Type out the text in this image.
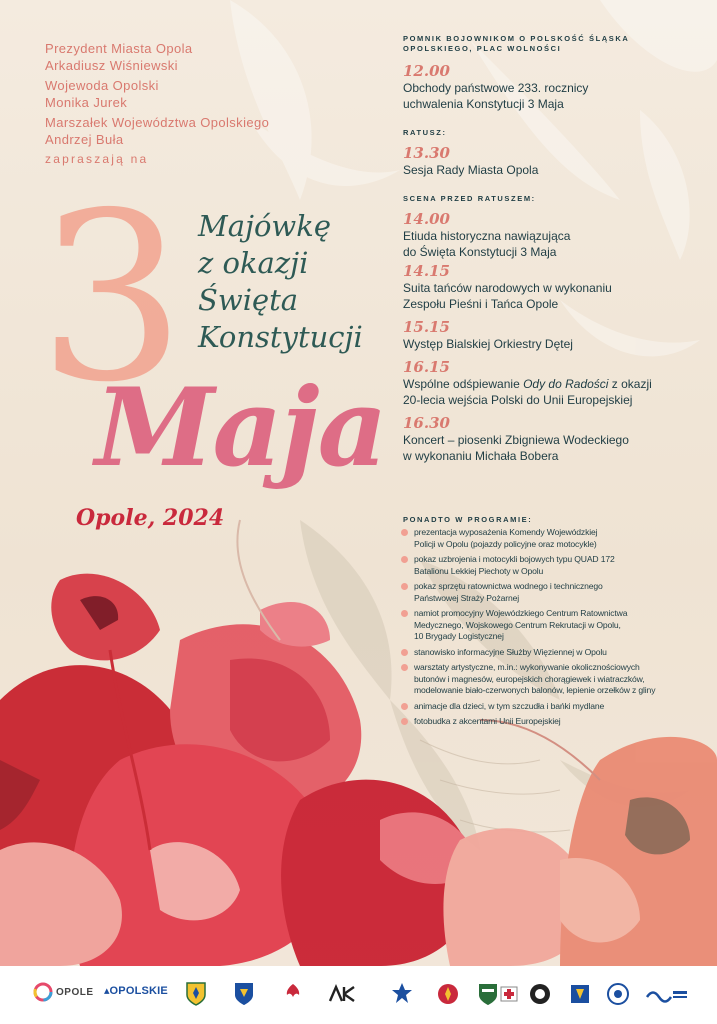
Prezydent Miasta Opola
Arkadiusz Wiśniewski
Wojewoda Opolski
Monika Jurek
Marszałek Województwa Opolskiego
Andrzej Buła
zapraszają na
3 Majówkę
z okazji
Święta
Konstytucji
Maja
Opole, 2024
POMNIK BOJOWNIKOM O POLSKOŚĆ ŚLĄSKA OPOLSKIEGO, PLAC WOLNOŚCI
12.00
Obchody państwowe 233. rocznicy
uchwalenia Konstytucji 3 Maja
RATUSZ:
13.30
Sesja Rady Miasta Opola
SCENA PRZED RATUSZEM:
14.00
Etiuda historyczna nawiązująca
do Święta Konstytucji 3 Maja
14.15
Suita tańców narodowych w wykonaniu
Zespołu Pieśni i Tańca Opole
15.15
Występ Bialskiej Orkiestry Dętej
16.15
Wspólne odśpiewanie Ody do Radości z okazji
20-lecia wejścia Polski do Unii Europejskiej
16.30
Koncert – piosenki Zbigniewa Wodeckiego
w wykonaniu Michała Bobera
PONADTO W PROGRAMIE:
prezentacja wyposażenia Komendy Wojewódzkiej
Policji w Opolu (pojazdy policyjne oraz motocykle)
pokaz uzbrojenia i motocykli bojowych typu QUAD 172
Batalionu Lekkiej Piechoty w Opolu
pokaz sprzętu ratownictwa wodnego i technicznego
Państwowej Straży Pożarnej
namiot promocyjny Wojewódzkiego Centrum Ratownictwa
Medycznego, Wojskowego Centrum Rekrutacji w Opolu,
10 Brygady Logistycznej
stanowisko informacyjne Służby Więziennej w Opolu
warsztaty artystyczne, m.in.: wykonywanie okolicznościowych
butonów i magnesów, europejskich chorągiewek i wiatraczków,
modelowanie biało-czerwonych balonów, lepienie orzełków z gliny
animacje dla dzieci, w tym szczudła i bańki mydlane
fotobudka z akcentami Unii Europejskiej
OPOLE ▴ OPOLSKIE
